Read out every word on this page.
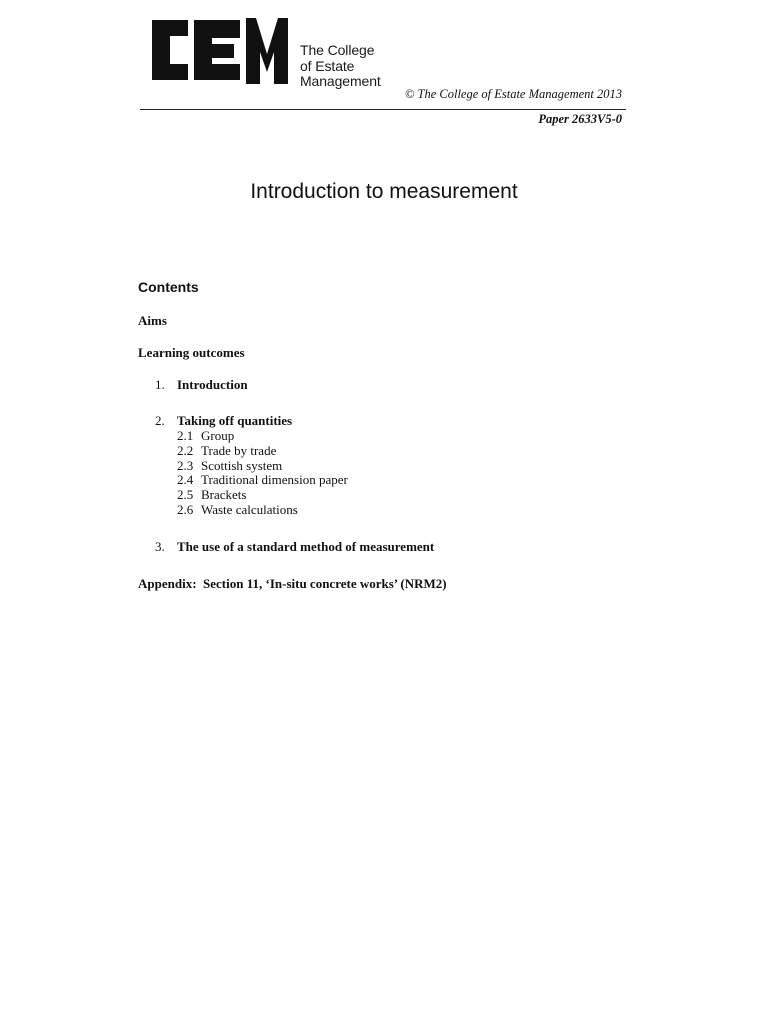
The College
of Estate
Management
© The College of Estate Management 2013
Paper 2633V5-0
Introduction to measurement
Contents
Aims
Learning outcomes
1. Introduction
2. Taking off quantities
2.1 Group
2.2 Trade by trade
2.3 Scottish system
2.4 Traditional dimension paper
2.5 Brackets
2.6 Waste calculations
3. The use of a standard method of measurement
Appendix:  Section 11, ‘In-situ concrete works’ (NRM2)
